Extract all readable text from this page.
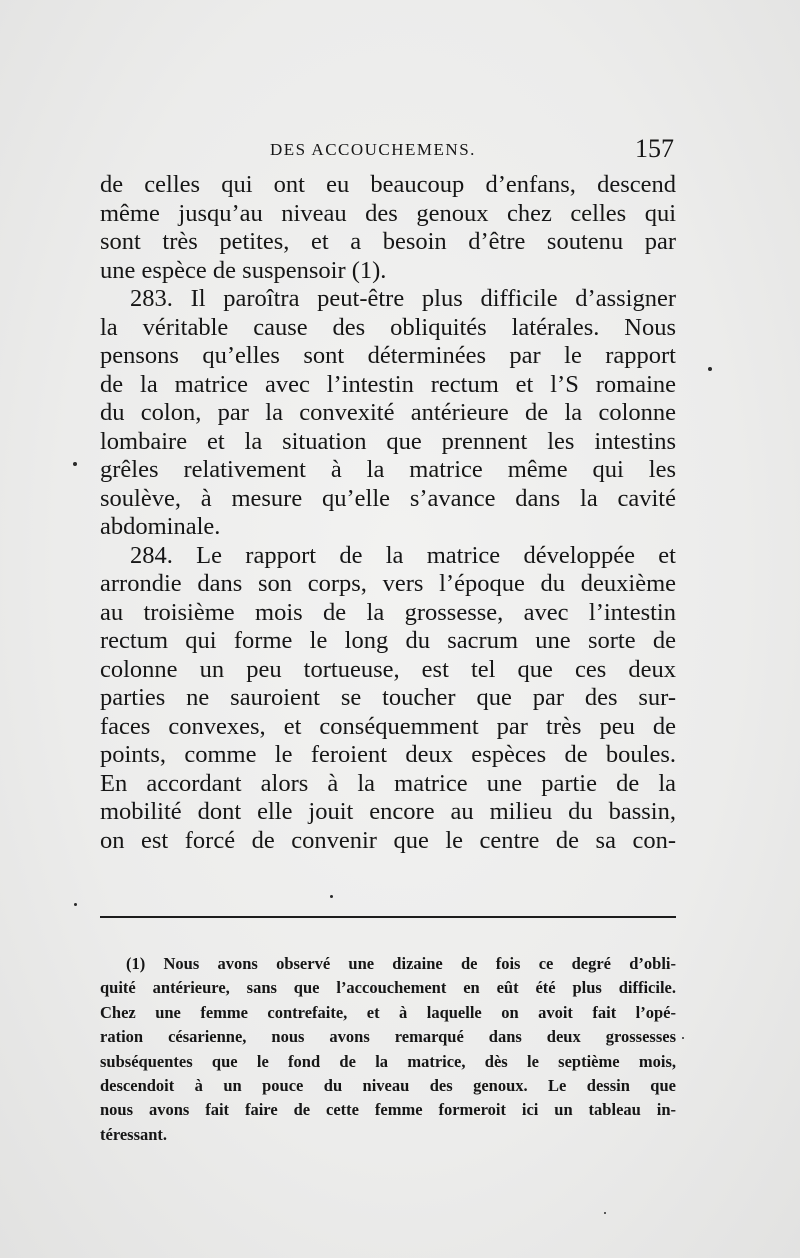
DES ACCOUCHEMENS.	157
de celles qui ont eu beaucoup d’enfans, descend
même jusqu’au niveau des genoux chez celles qui
sont très petites, et a besoin d’être soutenu par
une espèce de suspensoir (1).
283. Il paroîtra peut-être plus difficile d’assigner
la véritable cause des obliquités latérales. Nous
pensons qu’elles sont déterminées par le rapport
de la matrice avec l’intestin rectum et l’S romaine
du colon, par la convexité antérieure de la colonne
lombaire et la situation que prennent les intestins
grêles relativement à la matrice même qui les
soulève, à mesure qu’elle s’avance dans la cavité
abdominale.
284. Le rapport de la matrice développée et
arrondie dans son corps, vers l’époque du deuxième
au troisième mois de la grossesse, avec l’intestin
rectum qui forme le long du sacrum une sorte de
colonne un peu tortueuse, est tel que ces deux
parties ne sauroient se toucher que par des sur-
faces convexes, et conséquemment par très peu de
points, comme le feroient deux espèces de boules.
En accordant alors à la matrice une partie de la
mobilité dont elle jouit encore au milieu du bassin,
on est forcé de convenir que le centre de sa con-
(1) Nous avons observé une dizaine de fois ce degré d’obli-
quité antérieure, sans que l’accouchement en eût été plus difficile.
Chez une femme contrefaite, et à laquelle on avoit fait l’opé-
ration césarienne, nous avons remarqué dans deux grossesses
subséquentes que le fond de la matrice, dès le septième mois,
descendoit à un pouce du niveau des genoux. Le dessin que
nous avons fait faire de cette femme formeroit ici un tableau in-
téressant.
